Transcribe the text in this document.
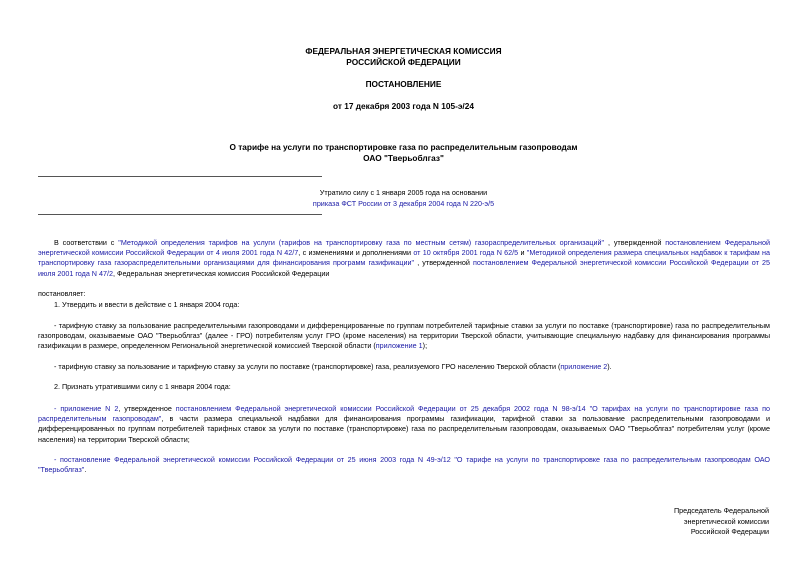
ФЕДЕРАЛЬНАЯ ЭНЕРГЕТИЧЕСКАЯ КОМИССИЯ
РОССИЙСКОЙ ФЕДЕРАЦИИ
ПОСТАНОВЛЕНИЕ
от 17 декабря 2003 года N 105-э/24
О тарифе на услуги по транспортировке газа по распределительным газопроводам
ОАО "Тверьоблгаз"
Утратило силу с 1 января 2005 года на основании
приказа ФСТ России от 3 декабря 2004 года N 220-э/5
В соответствии с "Методикой определения тарифов на услуги (тарифов на транспортировку газа по местным сетям) газораспределительных организаций" , утвержденной постановлением Федеральной энергетической комиссии Российской Федерации от 4 июля 2001 года N 42/7, с изменениями и дополнениями от 10 октября 2001 года N 62/5 и "Методикой определения размера специальных надбавок к тарифам на транспортировку газа газораспределительными организациями для финансирования программ газификации" , утвержденной постановлением Федеральной энергетической комиссии Российской Федерации от 25 июля 2001 года N 47/2, Федеральная энергетическая комиссия Российской Федерации
постановляет:
1. Утвердить и ввести в действие с 1 января 2004 года:
- тарифную ставку за пользование распределительными газопроводами и дифференцированные по группам потребителей тарифные ставки за услуги по поставке (транспортировке) газа по распределительным газопроводам, оказываемые ОАО "Тверьоблгаз" (далее - ГРО) потребителям услуг ГРО (кроме населения) на территории Тверской области, учитывающие специальную надбавку для финансирования программы газификации в размере, определенном Региональной энергетической комиссией Тверской области (приложение 1);
- тарифную ставку за пользование и тарифную ставку за услуги по поставке (транспортировке) газа, реализуемого ГРО населению Тверской области (приложение 2).
2. Признать утратившими силу с 1 января 2004 года:
- приложение N 2, утвержденное постановлением Федеральной энергетической комиссии Российской Федерации от 25 декабря 2002 года N 98-э/14 "О тарифах на услуги по транспортировке газа по распределительным газопроводам", в части размера специальной надбавки для финансирования программы газификации, тарифной ставки за пользование распределительными газопроводами и дифференцированных по группам потребителей тарифных ставок за услуги по поставке (транспортировке) газа по распределительным газопроводам, оказываемых ОАО "Тверьоблгаз" потребителям услуг (кроме населения) на территории Тверской области;
- постановление Федеральной энергетической комиссии Российской Федерации от 25 июня 2003 года N 49-э/12 "О тарифе на услуги по транспортировке газа по распределительным газопроводам ОАО "Тверьоблгаз".
Председатель Федеральной
энергетической комиссии
Российской Федерации
